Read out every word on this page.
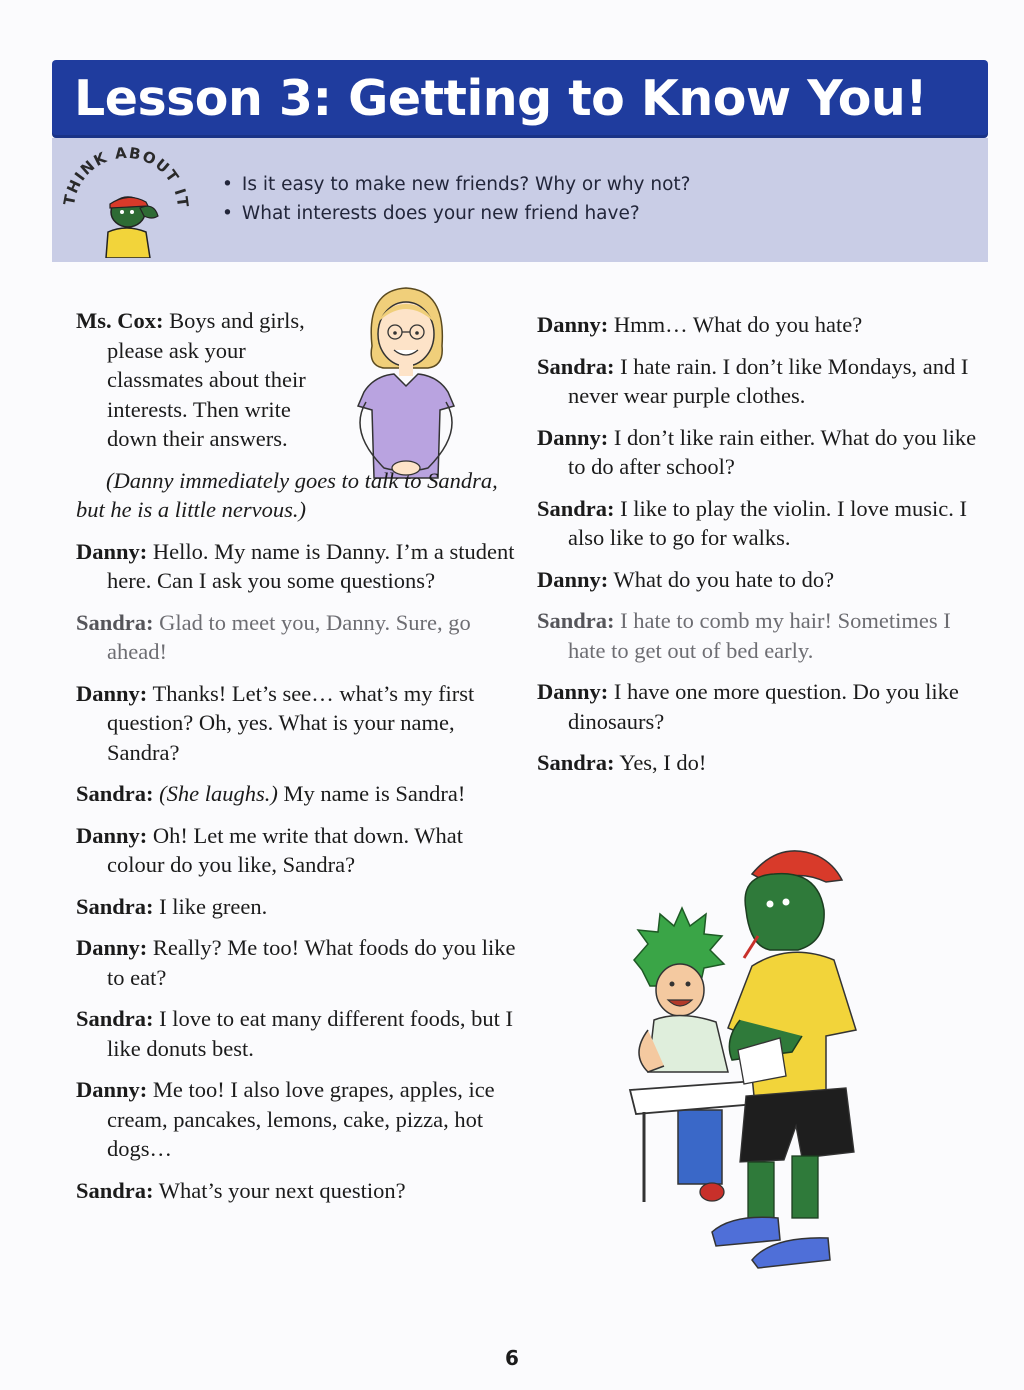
Lesson 3: Getting to Know You!
THINK ABOUT IT
• Is it easy to make new friends? Why or why not?
• What interests does your new friend have?

Ms. Cox: Boys and girls, please ask your classmates about their interests. Then write down their answers.

(Danny immediately goes to talk to Sandra, but he is a little nervous.)

Danny: Hello. My name is Danny. I’m a student here. Can I ask you some questions?

Sandra: Glad to meet you, Danny. Sure, go ahead!

Danny: Thanks! Let’s see… what’s my first question? Oh, yes. What is your name, Sandra?

Sandra: (She laughs.) My name is Sandra!

Danny: Oh! Let me write that down. What colour do you like, Sandra?

Sandra: I like green.

Danny: Really? Me too! What foods do you like to eat?

Sandra: I love to eat many different foods, but I like donuts best.

Danny: Me too! I also love grapes, apples, ice cream, pancakes, lemons, cake, pizza, hot dogs…

Sandra: What’s your next question?

Danny: Hmm… What do you hate?

Sandra: I hate rain. I don’t like Mondays, and I never wear purple clothes.

Danny: I don’t like rain either. What do you like to do after school?

Sandra: I like to play the violin. I love music. I also like to go for walks.

Danny: What do you hate to do?

Sandra: I hate to comb my hair! Sometimes I hate to get out of bed early.

Danny: I have one more question. Do you like dinosaurs?

Sandra: Yes, I do!

6
